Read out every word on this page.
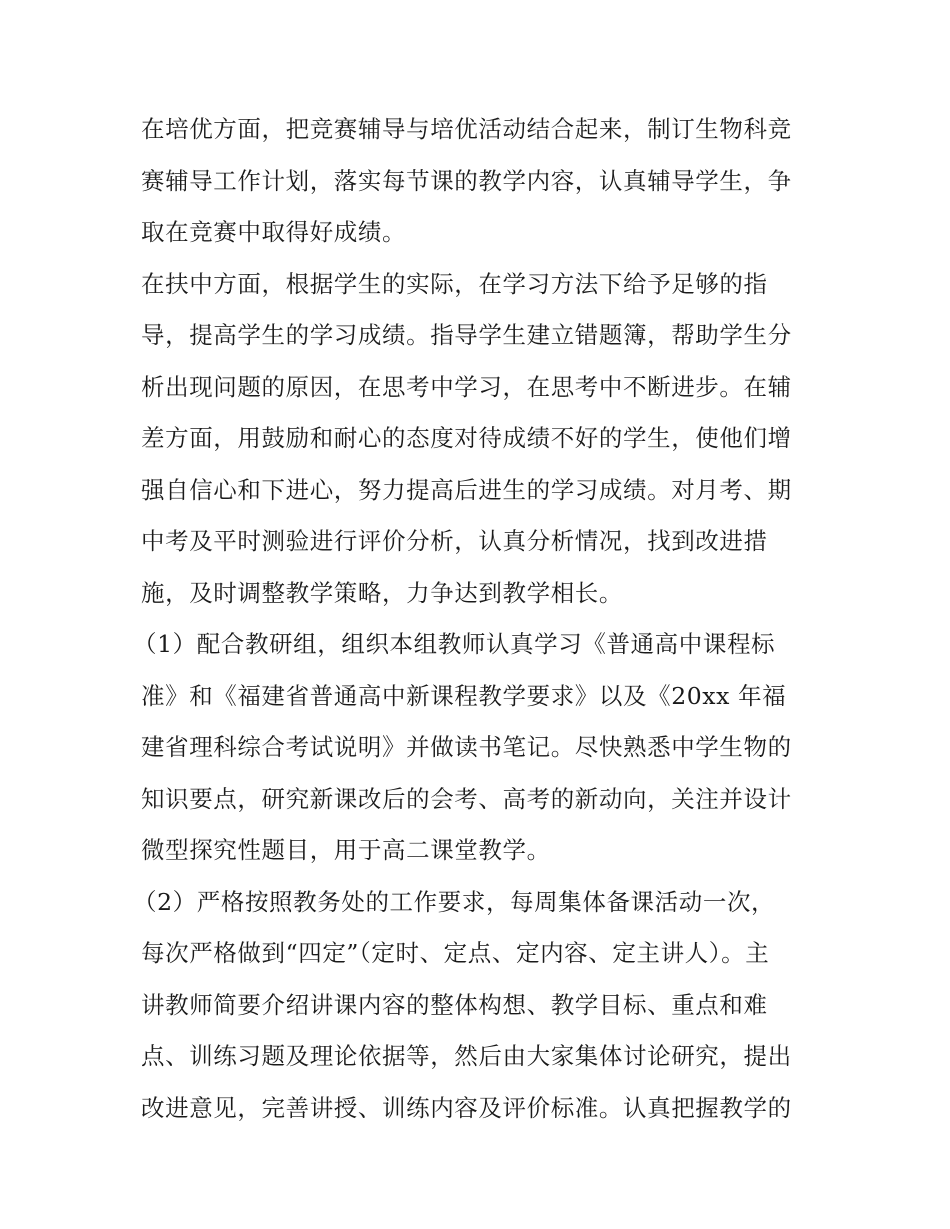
在培优方面，把竞赛辅导与培优活动结合起来，制订生物科竞
赛辅导工作计划，落实每节课的教学内容，认真辅导学生，争
取在竞赛中取得好成绩。
在扶中方面，根据学生的实际，在学习方法下给予足够的指
导，提高学生的学习成绩。指导学生建立错题簿，帮助学生分
析出现问题的原因，在思考中学习，在思考中不断进步。在辅
差方面，用鼓励和耐心的态度对待成绩不好的学生，使他们增
强自信心和下进心，努力提高后进生的学习成绩。对月考、期
中考及平时测验进行评价分析，认真分析情况，找到改进措
施，及时调整教学策略，力争达到教学相长。
（1）配合教研组，组织本组教师认真学习《普通高中课程标
准》和《福建省普通高中新课程教学要求》以及《20xx 年福
建省理科综合考试说明》并做读书笔记。尽快熟悉中学生物的
知识要点，研究新课改后的会考、高考的新动向，关注并设计
微型探究性题目，用于高二课堂教学。
（2）严格按照教务处的工作要求，每周集体备课活动一次，
每次严格做到“四定”（定时、定点、定内容、定主讲人）。主
讲教师简要介绍讲课内容的整体构想、教学目标、重点和难
点、训练习题及理论依据等，然后由大家集体讨论研究，提出
改进意见，完善讲授、训练内容及评价标准。认真把握教学的
